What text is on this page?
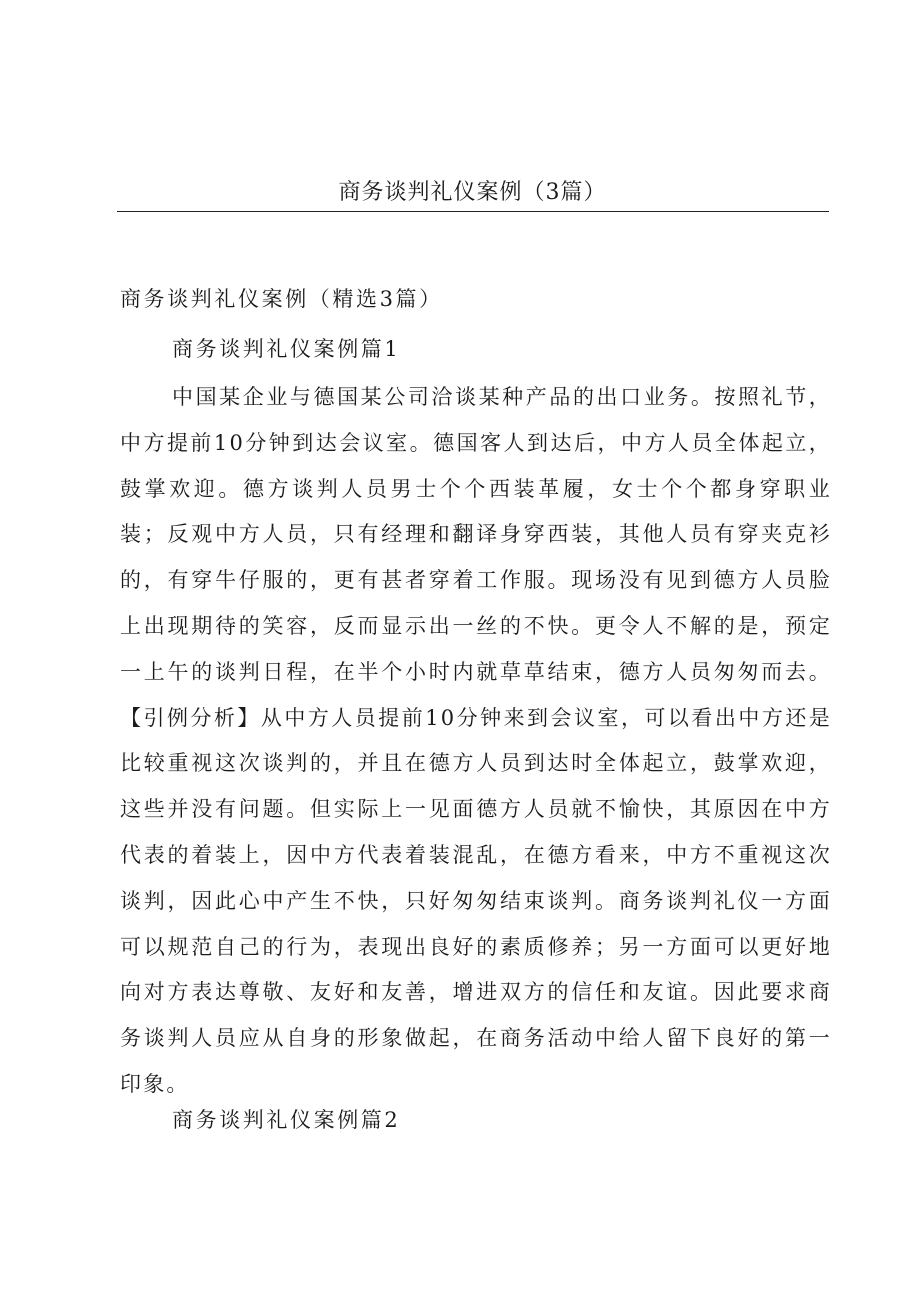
商务谈判礼仪案例（3篇）
商务谈判礼仪案例（精选3篇）
商务谈判礼仪案例篇1

中国某企业与德国某公司洽谈某种产品的出口业务。按照礼节，中方提前10分钟到达会议室。德国客人到达后，中方人员全体起立，鼓掌欢迎。德方谈判人员男士个个西装革履，女士个个都身穿职业装；反观中方人员，只有经理和翻译身穿西装，其他人员有穿夹克衫的，有穿牛仔服的，更有甚者穿着工作服。现场没有见到德方人员脸上出现期待的笑容，反而显示出一丝的不快。更令人不解的是，预定一上午的谈判日程，在半个小时内就草草结束，德方人员匆匆而去。【引例分析】从中方人员提前10分钟来到会议室，可以看出中方还是比较重视这次谈判的，并且在德方人员到达时全体起立，鼓掌欢迎，这些并没有问题。但实际上一见面德方人员就不愉快，其原因在中方代表的着装上，因中方代表着装混乱，在德方看来，中方不重视这次谈判，因此心中产生不快，只好匆匆结束谈判。商务谈判礼仪一方面可以规范自己的行为，表现出良好的素质修养；另一方面可以更好地向对方表达尊敬、友好和友善，增进双方的信任和友谊。因此要求商务谈判人员应从自身的形象做起，在商务活动中给人留下良好的第一印象。

商务谈判礼仪案例篇2
